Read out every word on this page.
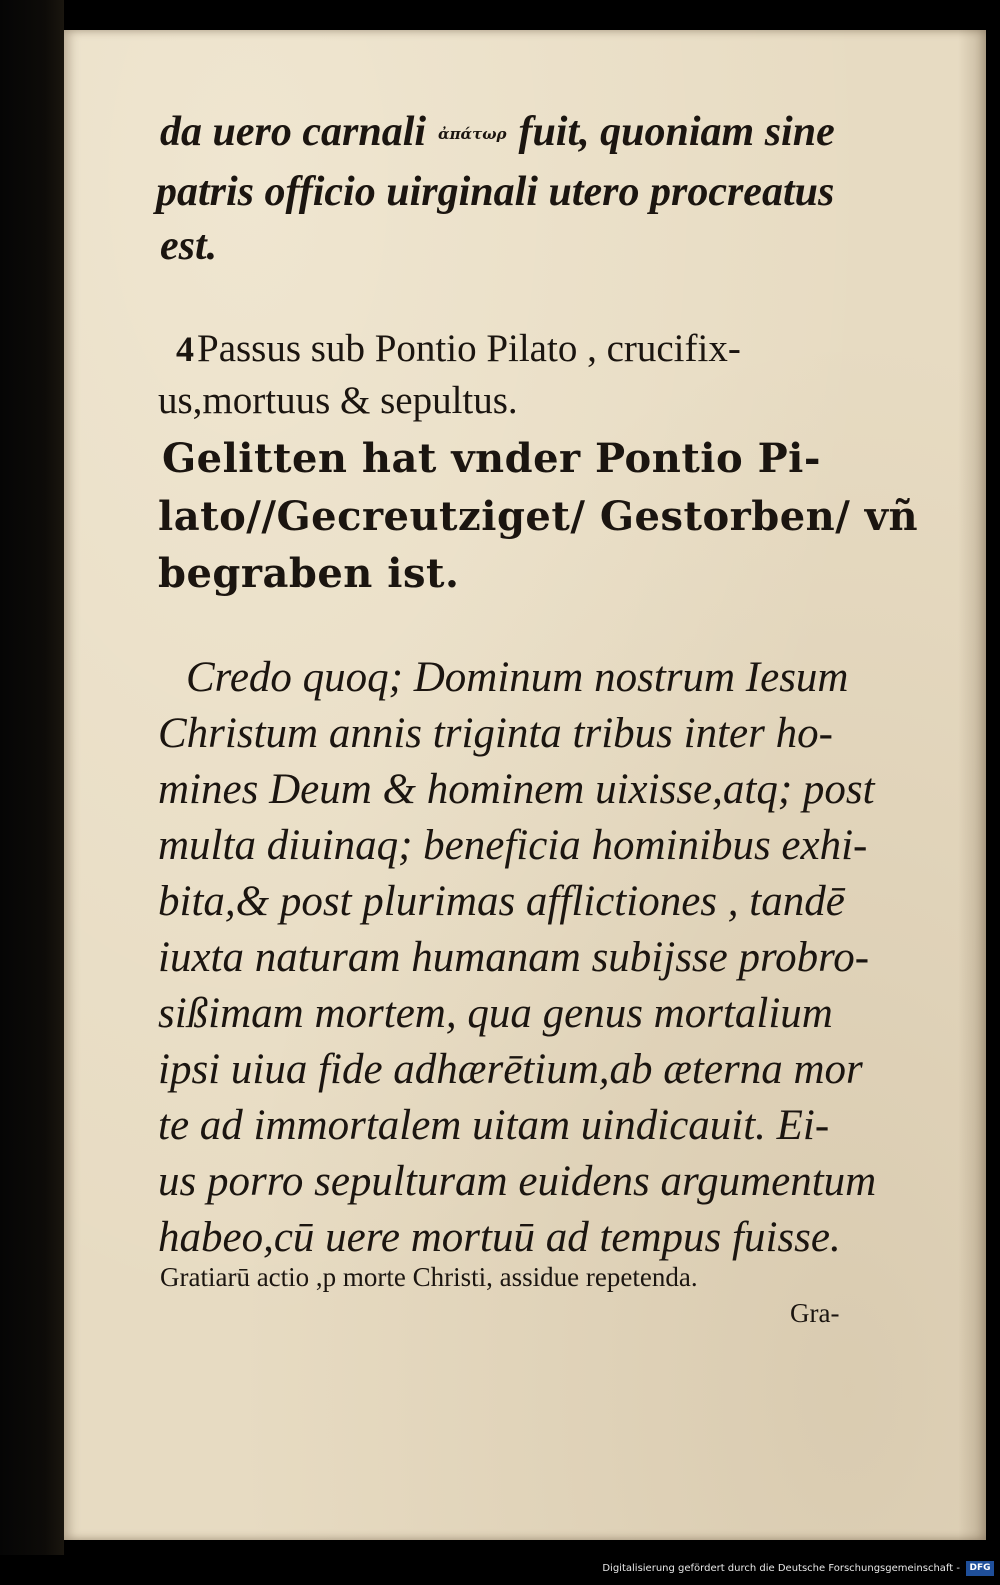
da uero carnali ἀπάτωρ fuit, quoniam sine
patris officio uirginali utero procreatus
est.
4Passus sub Pontio Pilato , crucifix-
us,mortuus & sepultus.
Gelitten hat vnder Pontio Pi-
lato//Gecreutziget/ Gestorben/ vñ
begraben ist.
Credo quoq; Dominum nostrum Iesum
Christum annis triginta tribus inter ho-
mines Deum & hominem uixisse,atq; post
multa diuinaq; beneficia hominibus exhi-
bita,& post plurimas afflictiones , tandē
iuxta naturam humanam subijsse probro-
sißimam mortem, qua genus mortalium
ipsi uiua fide adhærētium,ab æterna mor
te ad immortalem uitam uindicauit. Ei-
us porro sepulturam euidens argumentum
habeo,cū uere mortuū ad tempus fuisse.
Gratiarū actio ,p morte Christi, assidue repetenda.
Gra-
Digitalisierung gefördert durch die Deutsche Forschungsgemeinschaft -	DFG
